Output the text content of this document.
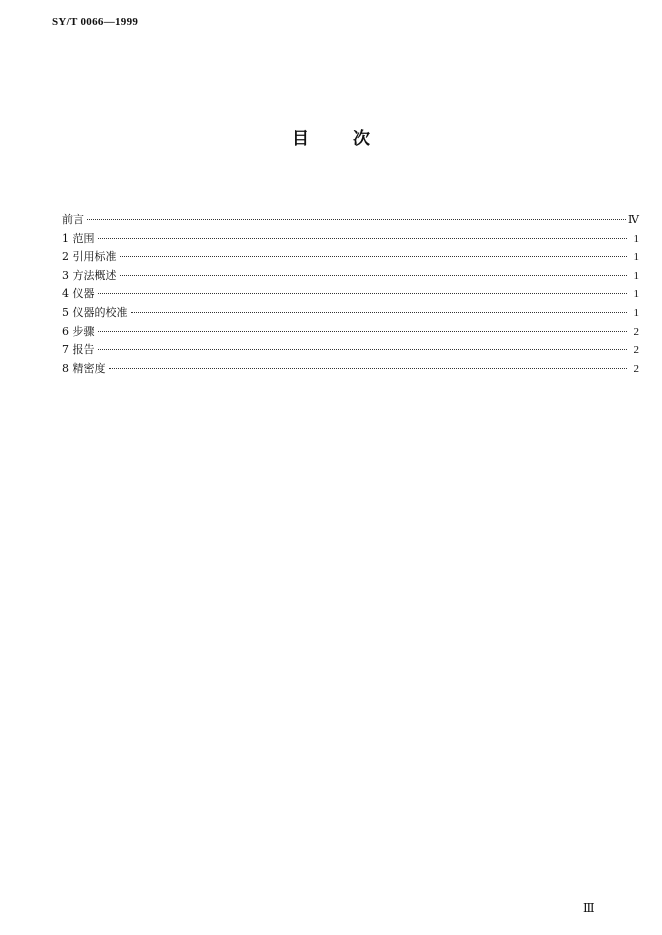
SY/T 0066—1999
目	次
前言	Ⅳ
1 范围	1
2 引用标准	1
3 方法概述	1
4 仪器	1
5 仪器的校准	1
6 步骤	2
7 报告	2
8 精密度	2
Ⅲ
